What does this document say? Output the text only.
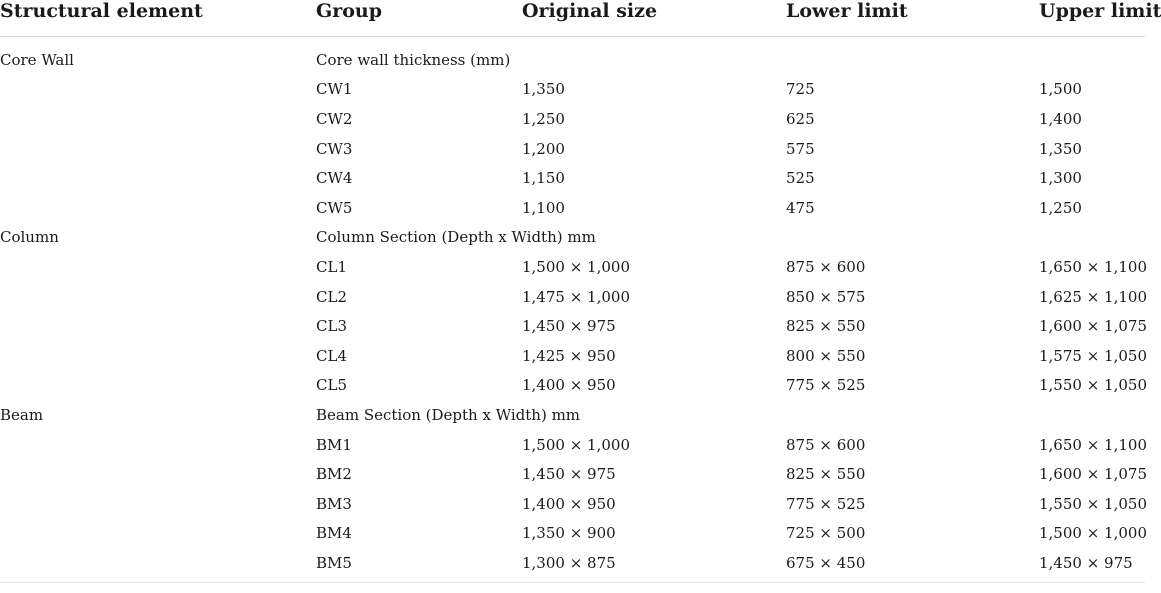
Structural element	Group	Original size	Lower limit	Upper limit
Core Wall	Core wall thickness (mm)			
	CW1	1,350	725	1,500
	CW2	1,250	625	1,400
	CW3	1,200	575	1,350
	CW4	1,150	525	1,300
	CW5	1,100	475	1,250
Column	Column Section (Depth x Width) mm			
	CL1	1,500 × 1,000	875 × 600	1,650 × 1,100
	CL2	1,475 × 1,000	850 × 575	1,625 × 1,100
	CL3	1,450 × 975	825 × 550	1,600 × 1,075
	CL4	1,425 × 950	800 × 550	1,575 × 1,050
	CL5	1,400 × 950	775 × 525	1,550 × 1,050
Beam	Beam Section (Depth x Width) mm			
	BM1	1,500 × 1,000	875 × 600	1,650 × 1,100
	BM2	1,450 × 975	825 × 550	1,600 × 1,075
	BM3	1,400 × 950	775 × 525	1,550 × 1,050
	BM4	1,350 × 900	725 × 500	1,500 × 1,000
	BM5	1,300 × 875	675 × 450	1,450 × 975
